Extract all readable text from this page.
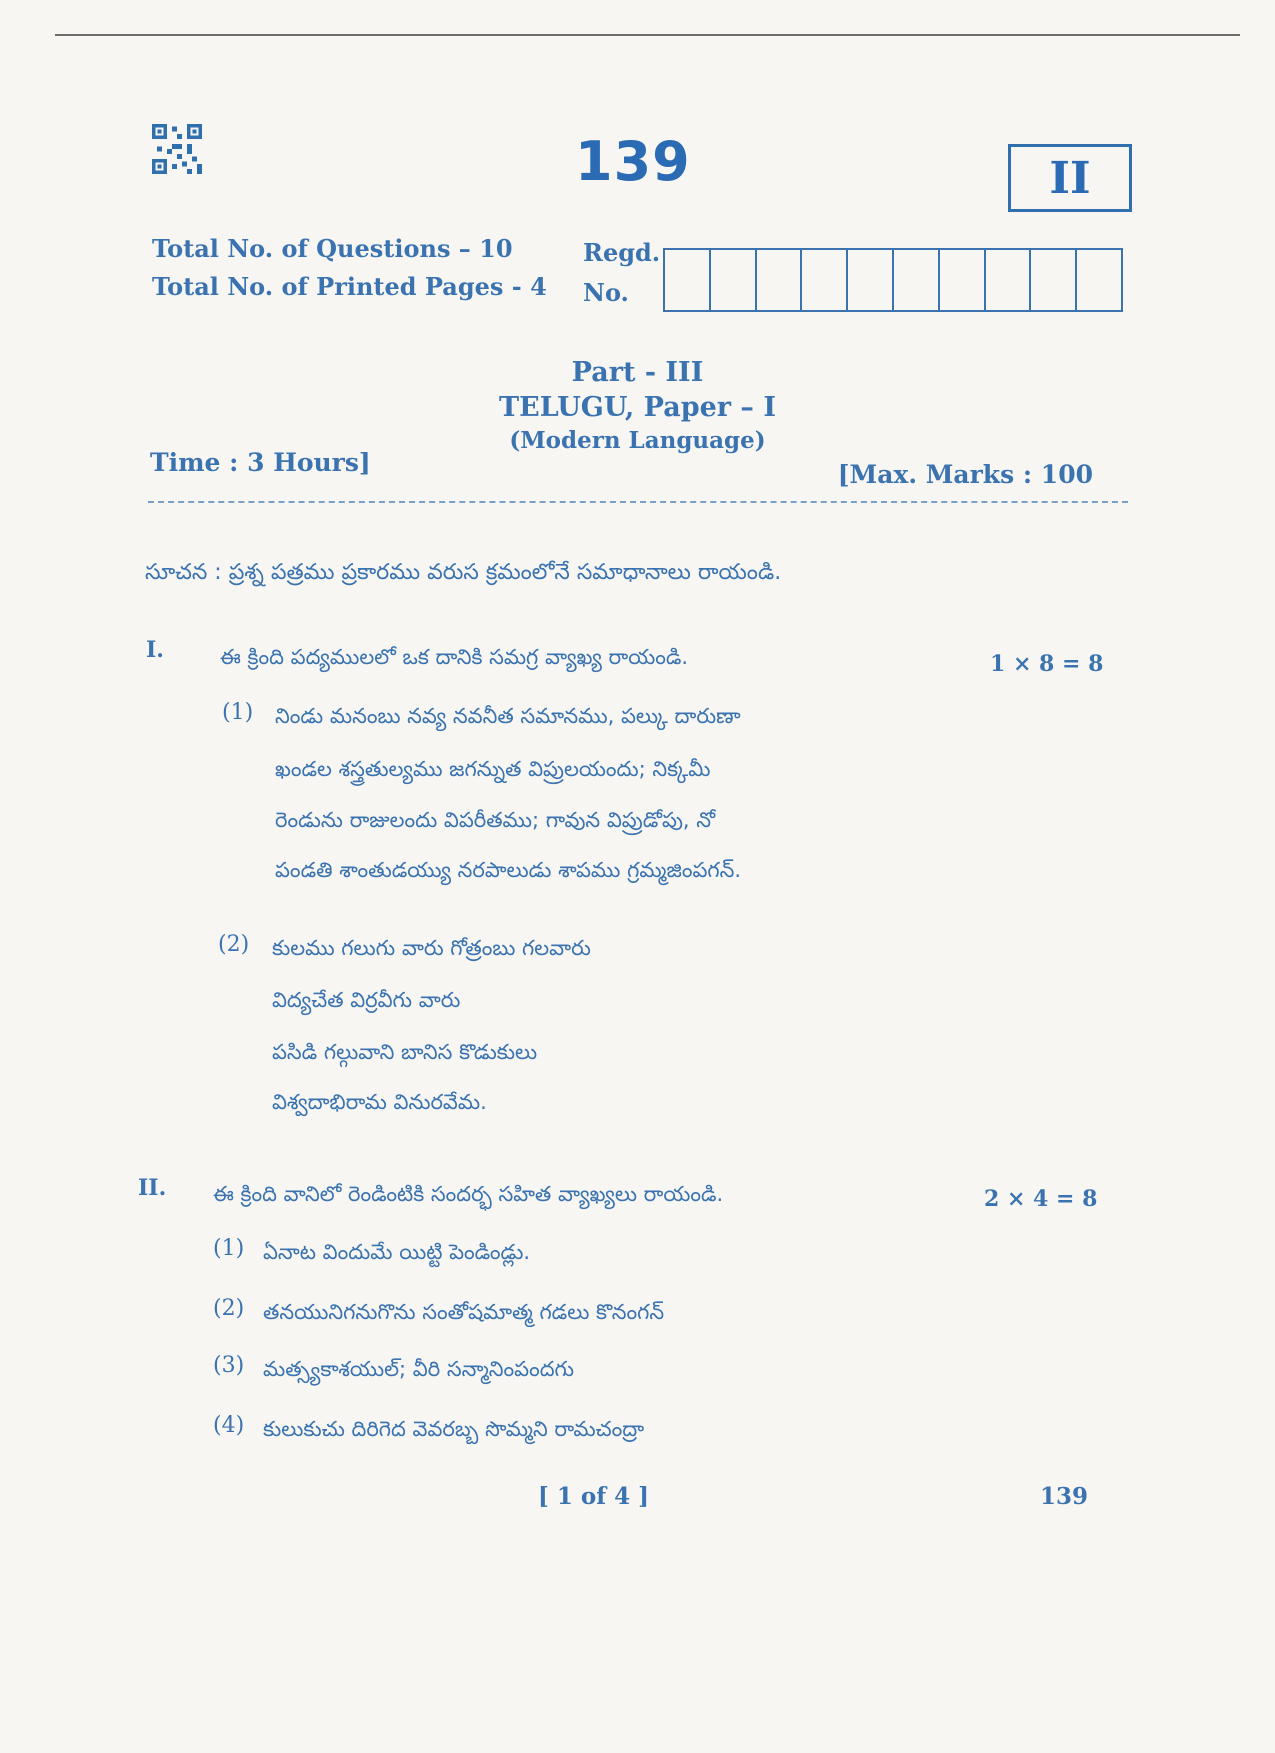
139	II
Total No. of Questions – 10
Total No. of Printed Pages - 4
Regd.
No.
Part - III
TELUGU, Paper – I
(Modern Language)
Time : 3 Hours]	[Max. Marks : 100
సూచన : ప్రశ్న పత్రము ప్రకారము వరుస క్రమంలోనే సమాధానాలు రాయండి.
I.	ఈ క్రింది పద్యములలో ఒక దానికి సమగ్ర వ్యాఖ్య రాయండి.	1 × 8 = 8
(1) నిండు మనంబు నవ్య నవనీత సమానము, పల్కు దారుణా
ఖండల శస్త్రతుల్యము జగన్నుత విప్రులయందు; నిక్కమీ
రెండును రాజులందు విపరీతము; గావున విప్రుడోపు, నో
పండతి శాంతుడయ్యు నరపాలుడు శాపము గ్రమ్మజింపగన్.
(2) కులము గలుగు వారు గోత్రంబు గలవారు
విద్యచేత విర్రవీగు వారు
పసిడి గల్గువాని బానిస కొడుకులు
విశ్వదాభిరామ వినురవేమ.
II. ఈ క్రింది వానిలో రెండింటికి సందర్భ సహిత వ్యాఖ్యలు రాయండి.	2 × 4 = 8
(1) ఏనాట విందుమే యిట్టి పెండిండ్లు.
(2) తనయునిగనుగొను సంతోషమాత్మ గడలు కొనంగన్
(3) మత్స్యకాశయుల్; వీరి సన్మానింపందగు
(4) కులుకుచు దిరిగెద వెవరబ్బ సొమ్మని రామచంద్రా
[ 1 of 4 ]	139
